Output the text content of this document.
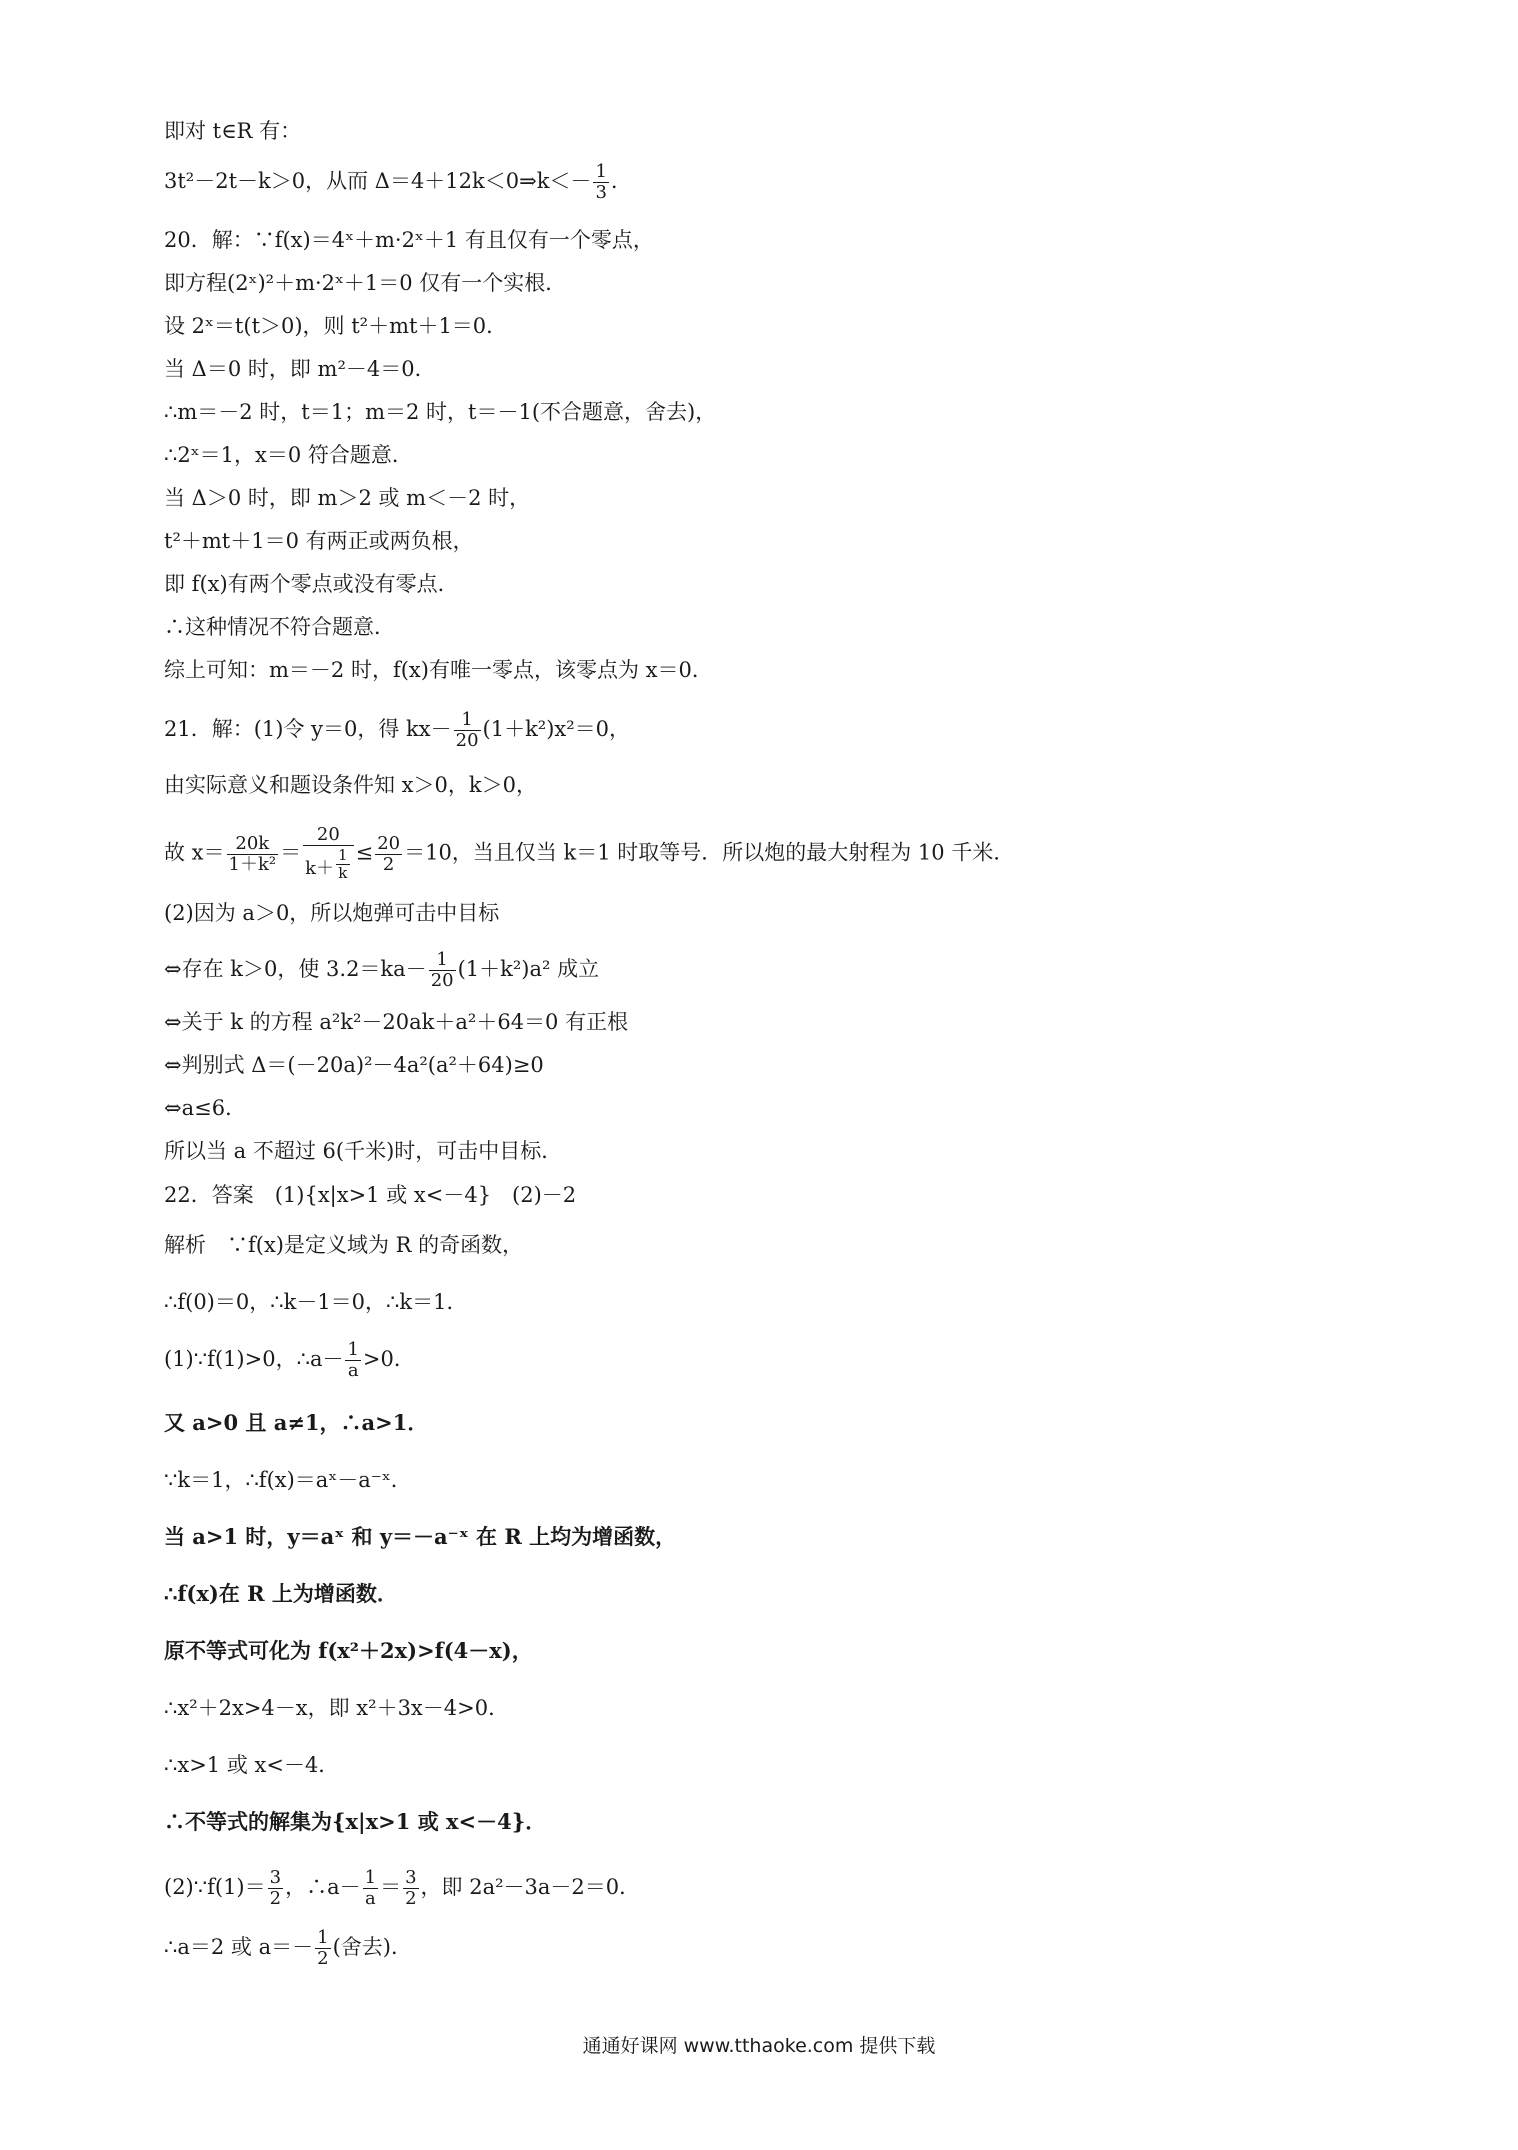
即对 t∈R 有：
3t²－2t－k＞0，从而 Δ＝4＋12k＜0⇒k＜－ $\frac{1}{3}$ .
20．解：∵f(x)＝4ˣ＋m·2ˣ＋1 有且仅有一个零点，
即方程(2ˣ)²＋m·2ˣ＋1＝0 仅有一个实根．
设 2ˣ＝t(t＞0)，则 t²＋mt＋1＝0．
当 Δ＝0 时，即 m²－4＝0．
∴m＝－2 时，t＝1；m＝2 时，t＝－1(不合题意，舍去)，
∴2ˣ＝1，x＝0 符合题意．
当 Δ＞0 时，即 m＞2 或 m＜－2 时，
t²＋mt＋1＝0 有两正或两负根，
即 f(x)有两个零点或没有零点．
∴这种情况不符合题意．
综上可知：m＝－2 时，f(x)有唯一零点，该零点为 x＝0．
21．解：(1)令 y＝0，得 $kx- \frac{1}{20} (1+k^2)x^2=0$，
由实际意义和题设条件知 x＞0，k＞0，
故 $x= \frac{20k}{\text{1＋k²}} = \frac{20}{k+ \frac{1}{k}} \le \frac{20}{2} =10$，当且仅当 k＝1 时取等号．所以炮的最大射程为 10 千米．
(2)因为 a＞0，所以炮弹可击中目标
⇔存在 k＞0，使 $3.2=ka- \frac{1}{20} (1+k^2)a^2$ 成立
⇔关于 k 的方程 a²k²－20ak＋a²＋64＝0 有正根
⇔判别式 Δ＝(－20a)²－4a²(a²＋64)≥0
⇔a≤6．
所以当 a 不超过 6(千米)时，可击中目标．
22．答案　(1){x|x>1 或 x<－4}　(2)－2
解析　∵f(x)是定义域为 R 的奇函数，
∴f(0)＝0，∴k－1＝0，∴k＝1．
(1)∵f(1)>0，∴a－ $\frac{1}{a} >0$．
又 a>0 且 a≠1，∴a>1．
∵k＝1，∴f(x)＝aˣ－a⁻ˣ．
当 a>1 时，y＝aˣ 和 y＝－a⁻ˣ 在 R 上均为增函数，
∴f(x)在 R 上为增函数．
原不等式可化为 f(x²＋2x)>f(4－x)，
∴x²＋2x>4－x，即 x²＋3x－4>0．
∴x>1 或 x<－4．
∴不等式的解集为{x|x>1 或 x<－4}．
(2)∵f(1)＝ $\frac{3}{2}$ ，∴a－ $\frac{1}{a} = \frac{3}{2}$ ，即 2a²－3a－2＝0．
∴a＝2 或 $a=- \frac{1}{2}$ (舍去)．
通通好课网 www.tthaoke.com 提供下载
